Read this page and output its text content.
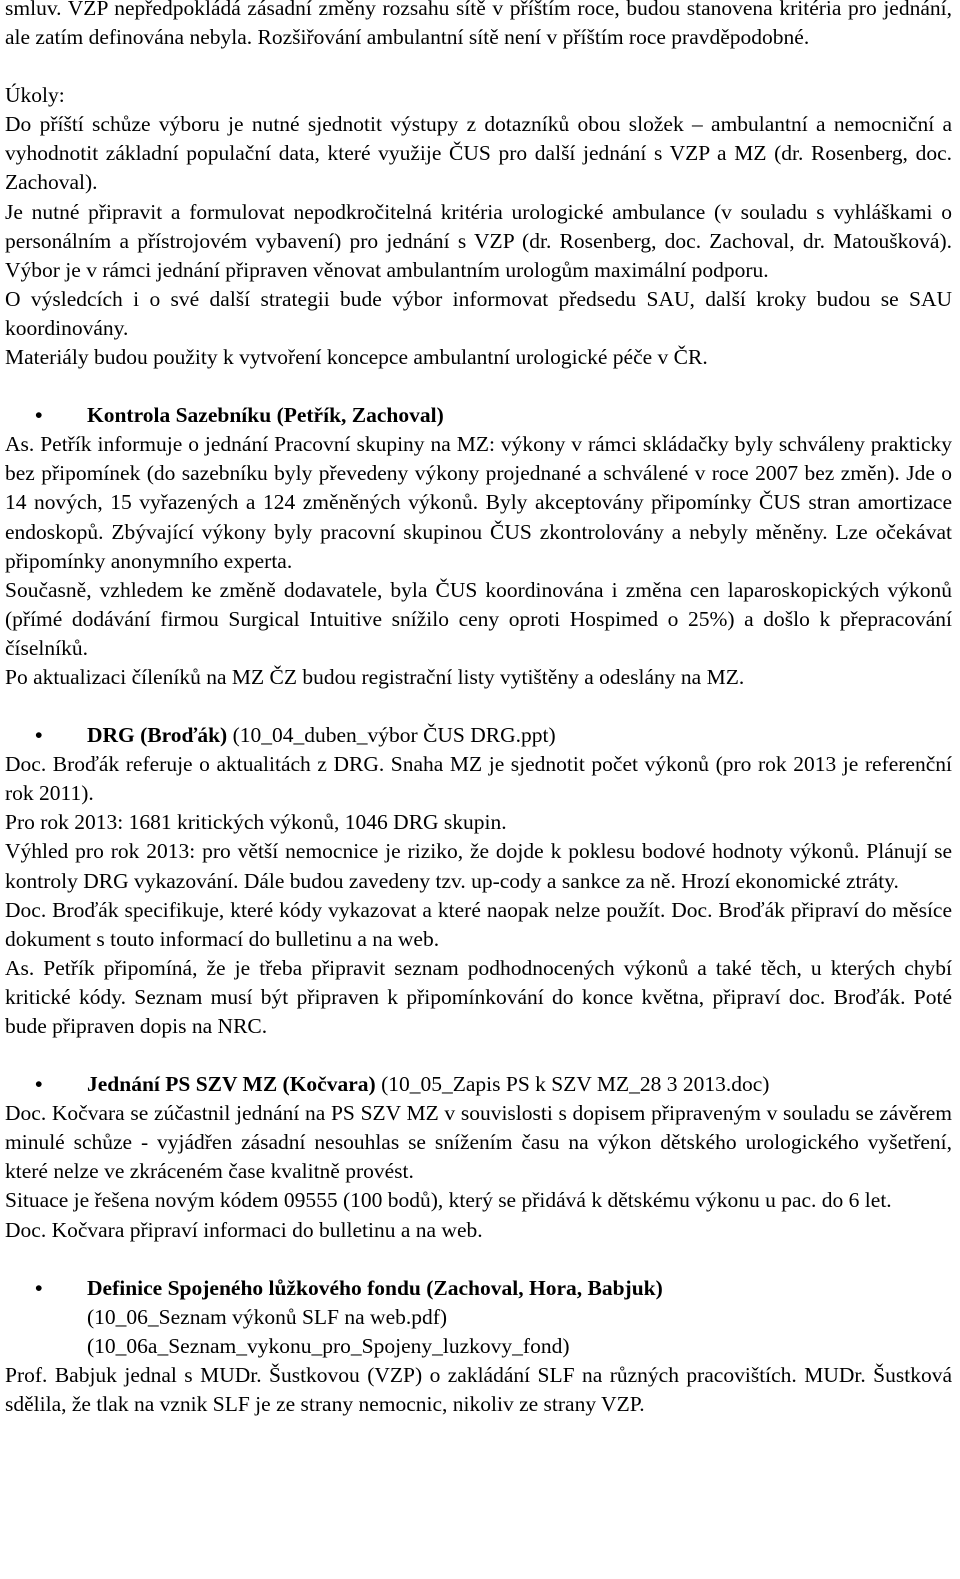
smluv. VZP nepředpokládá zásadní změny rozsahu sítě v příštím roce, budou stanovena kritéria pro jednání, ale zatím definována nebyla. Rozšiřování ambulantní sítě není v příštím roce pravděpodobné.

Úkoly:

Do příští schůze výboru je nutné sjednotit výstupy z dotazníků obou složek – ambulantní a nemocniční a vyhodnotit základní populační data, které využije ČUS pro další jednání s VZP a MZ (dr. Rosenberg, doc. Zachoval).

Je nutné připravit a formulovat nepodkročitelná kritéria urologické ambulance (v souladu s vyhláškami o personálním a přístrojovém vybavení) pro jednání s VZP (dr. Rosenberg, doc. Zachoval, dr. Matoušková). Výbor je v rámci jednání připraven věnovat ambulantním urologům maximální podporu.

O výsledcích i o své další strategii bude výbor informovat předsedu SAU, další kroky budou se SAU koordinovány.

Materiály budou použity k vytvoření koncepce ambulantní urologické péče v ČR.

• Kontrola Sazebníku (Petřík, Zachoval)

As. Petřík informuje o jednání Pracovní skupiny na MZ: výkony v rámci skládačky byly schváleny prakticky bez připomínek (do sazebníku byly převedeny výkony projednané a schválené v roce 2007 bez změn). Jde o 14 nových, 15 vyřazených a 124 změněných výkonů. Byly akceptovány připomínky ČUS stran amortizace endoskopů. Zbývající výkony byly pracovní skupinou ČUS zkontrolovány a nebyly měněny. Lze očekávat připomínky anonymního experta.

Současně, vzhledem ke změně dodavatele, byla ČUS koordinována i změna cen laparoskopických výkonů (přímé dodávání firmou Surgical Intuitive snížilo ceny oproti Hospimed o 25%) a došlo k přepracování číselníků.

Po aktualizaci číleníků na MZ ČZ budou registrační listy vytištěny a odeslány na MZ.

• DRG (Broďák) (10_04_duben_výbor ČUS DRG.ppt)

Doc. Broďák referuje o aktualitách z DRG. Snaha MZ je sjednotit počet výkonů (pro rok 2013 je referenční rok 2011).

Pro rok 2013: 1681 kritických výkonů, 1046 DRG skupin.

Výhled pro rok 2013: pro větší nemocnice je riziko, že dojde k poklesu bodové hodnoty výkonů. Plánují se kontroly DRG vykazování. Dále budou zavedeny tzv. up-cody a sankce za ně. Hrozí ekonomické ztráty.

Doc. Broďák specifikuje, které kódy vykazovat a které naopak nelze použít. Doc. Broďák připraví do měsíce dokument s touto informací do bulletinu a na web.

As. Petřík připomíná, že je třeba připravit seznam podhodnocených výkonů a také těch, u kterých chybí kritické kódy. Seznam musí být připraven k připomínkování do konce května, připraví doc. Broďák. Poté bude připraven dopis na NRC.

• Jednání PS SZV MZ (Kočvara) (10_05_Zapis PS k SZV MZ_28 3 2013.doc)

Doc. Kočvara se zúčastnil jednání na PS SZV MZ v souvislosti s dopisem připraveným v souladu se závěrem minulé schůze - vyjádřen zásadní nesouhlas se snížením času na výkon dětského urologického vyšetření, které nelze ve zkráceném čase kvalitně provést.

Situace je řešena novým kódem 09555 (100 bodů), který se přidává k dětskému výkonu u pac. do 6 let.

Doc. Kočvara připraví informaci do bulletinu a na web.

• Definice Spojeného lůžkového fondu (Zachoval, Hora, Babjuk)

(10_06_Seznam výkonů SLF na web.pdf)

(10_06a_Seznam_vykonu_pro_Spojeny_luzkovy_fond)

Prof. Babjuk jednal s MUDr. Šustkovou (VZP) o zakládání SLF na různých pracovištích. MUDr. Šustková sdělila, že tlak na vznik SLF je ze strany nemocnic, nikoliv ze strany VZP.
